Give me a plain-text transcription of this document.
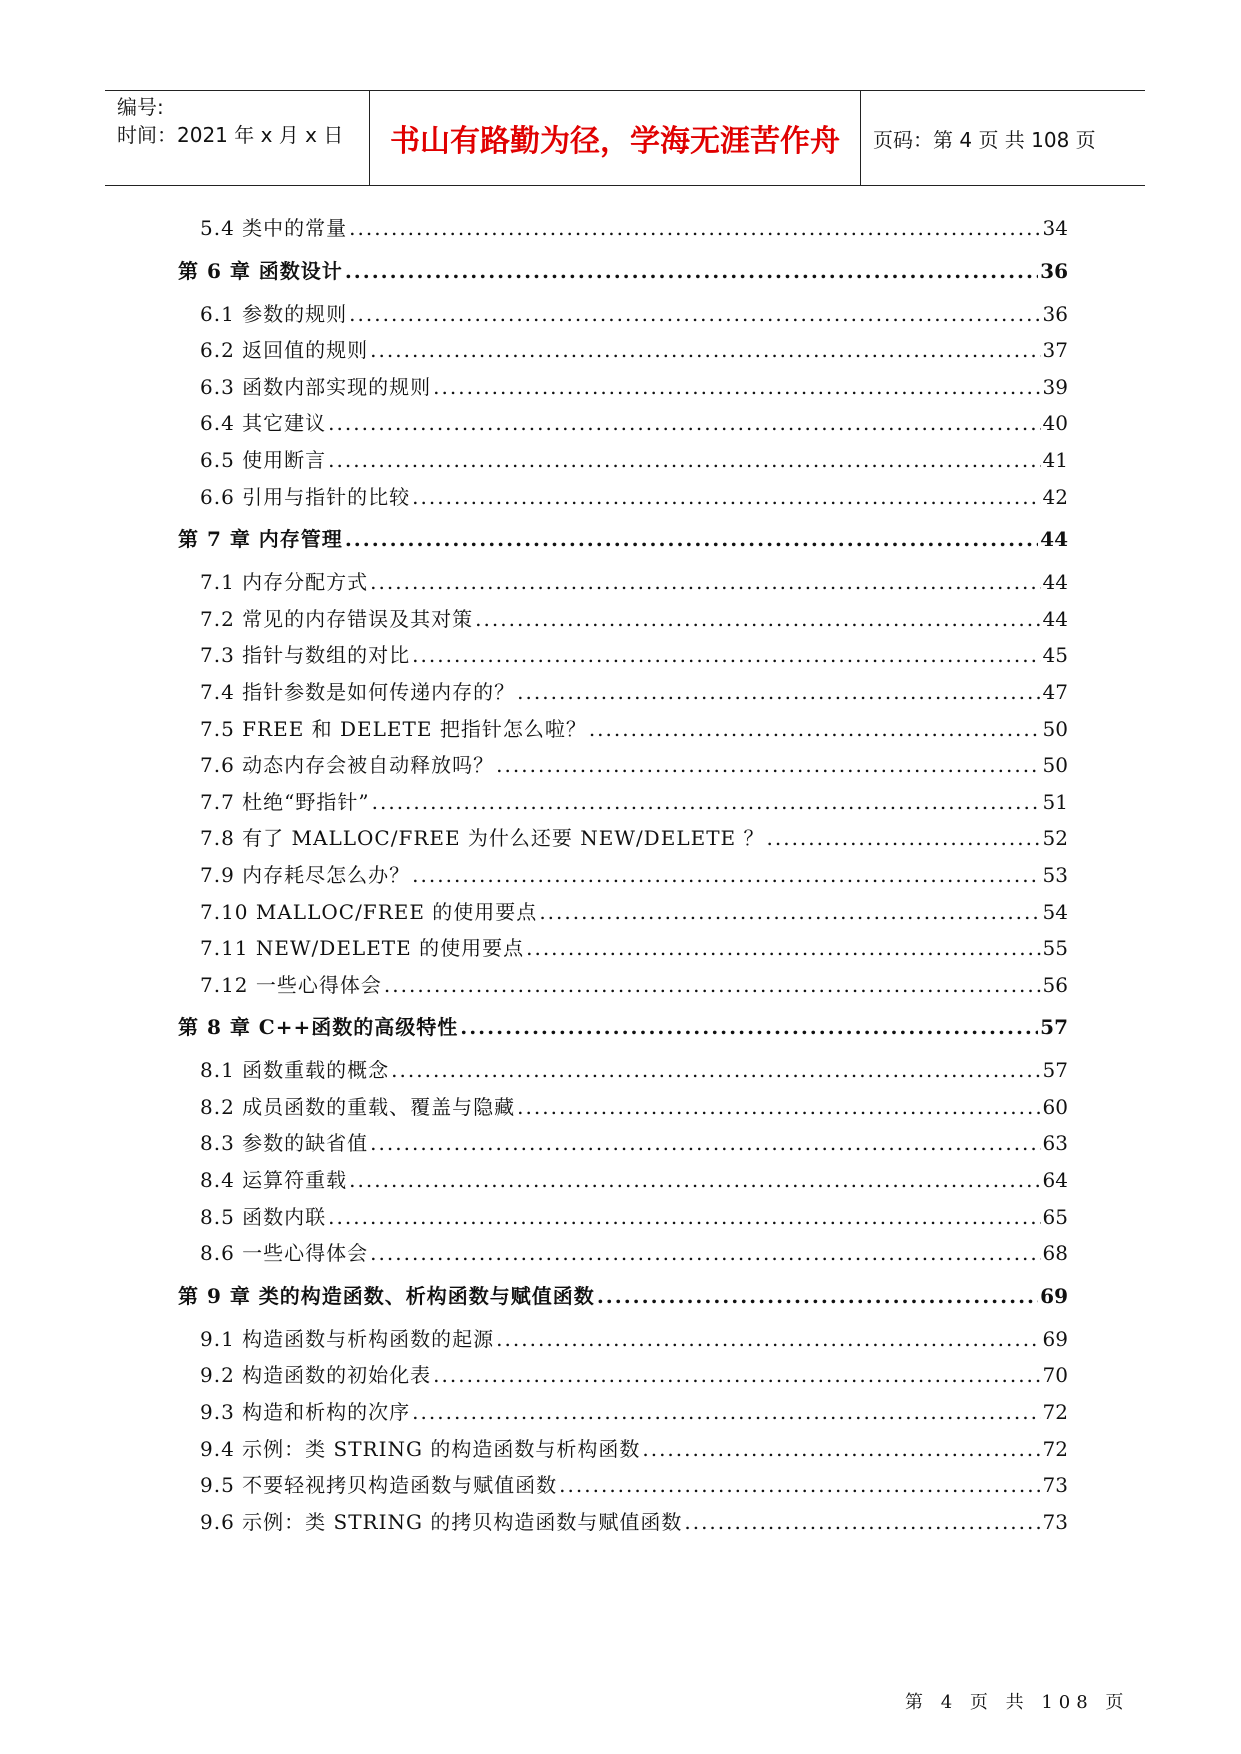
编号:
时间：2021 年 x 月 x 日	书山有路勤为径，学海无涯苦作舟	页码：第 4 页 共 108 页
5.4 类中的常量 .....	34
第 6 章 函数设计 .....	36
6.1 参数的规则 .....	36
6.2 返回值的规则 .....	37
6.3 函数内部实现的规则 .....	39
6.4 其它建议 .....	40
6.5 使用断言 .....	41
6.6 引用与指针的比较 .....	42
第 7 章 内存管理 .....	44
7.1 内存分配方式 .....	44
7.2 常见的内存错误及其对策 .....	44
7.3 指针与数组的对比 .....	45
7.4 指针参数是如何传递内存的？ .....	47
7.5 FREE 和 DELETE 把指针怎么啦？ .....	50
7.6 动态内存会被自动释放吗？ .....	50
7.7 杜绝“野指针” .....	51
7.8 有了 MALLOC/FREE 为什么还要 NEW/DELETE ？ .....	52
7.9 内存耗尽怎么办？ .....	53
7.10 MALLOC/FREE 的使用要点 .....	54
7.11 NEW/DELETE 的使用要点 .....	55
7.12 一些心得体会 .....	56
第 8 章 C++函数的高级特性 .....	57
8.1 函数重载的概念 .....	57
8.2 成员函数的重载、覆盖与隐藏 .....	60
8.3 参数的缺省值 .....	63
8.4 运算符重载 .....	64
8.5 函数内联 .....	65
8.6 一些心得体会 .....	68
第 9 章 类的构造函数、析构函数与赋值函数 .....	69
9.1 构造函数与析构函数的起源 .....	69
9.2 构造函数的初始化表 .....	70
9.3 构造和析构的次序 .....	72
9.4 示例：类 STRING 的构造函数与析构函数 .....	72
9.5 不要轻视拷贝构造函数与赋值函数 .....	73
9.6 示例：类 STRING 的拷贝构造函数与赋值函数 .....	73
第 4 页 共 108 页
